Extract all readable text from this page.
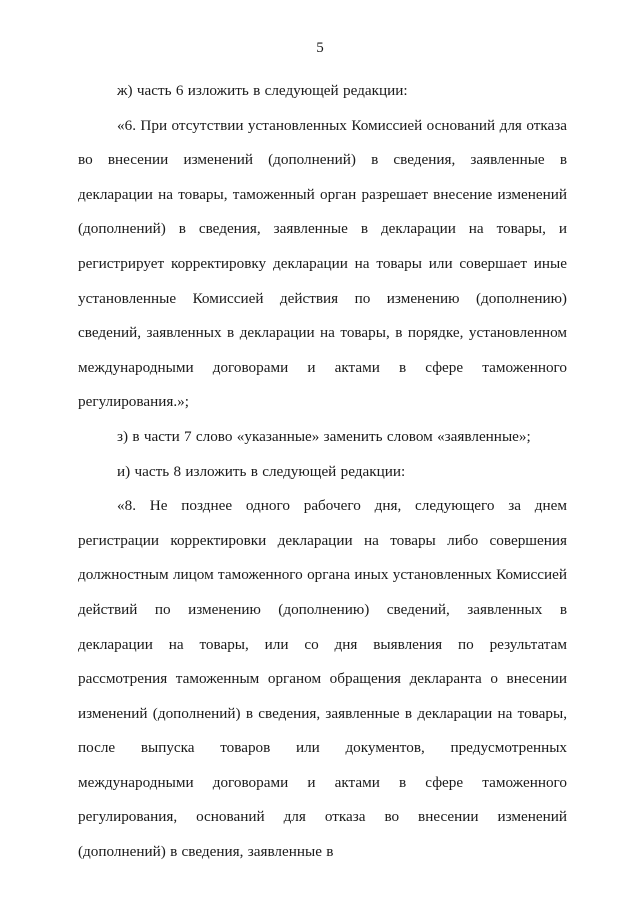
5

ж) часть 6 изложить в следующей редакции:

«6. При отсутствии установленных Комиссией оснований для отказа во внесении изменений (дополнений) в сведения, заявленные в декларации на товары, таможенный орган разрешает внесение изменений (дополнений) в сведения, заявленные в декларации на товары, и регистрирует корректировку декларации на товары или совершает иные установленные Комиссией действия по изменению (дополнению) сведений, заявленных в декларации на товары, в порядке, установленном международными договорами и актами в сфере таможенного регулирования.»;

з) в части 7 слово «указанные» заменить словом «заявленные»;

и) часть 8 изложить в следующей редакции:

«8. Не позднее одного рабочего дня, следующего за днем регистрации корректировки декларации на товары либо совершения должностным лицом таможенного органа иных установленных Комиссией действий по изменению (дополнению) сведений, заявленных в декларации на товары, или со дня выявления по результатам рассмотрения таможенным органом обращения декларанта о внесении изменений (дополнений) в сведения, заявленные в декларации на товары, после выпуска товаров или документов, предусмотренных международными договорами и актами в сфере таможенного регулирования, оснований для отказа во внесении изменений (дополнений) в сведения, заявленные в
